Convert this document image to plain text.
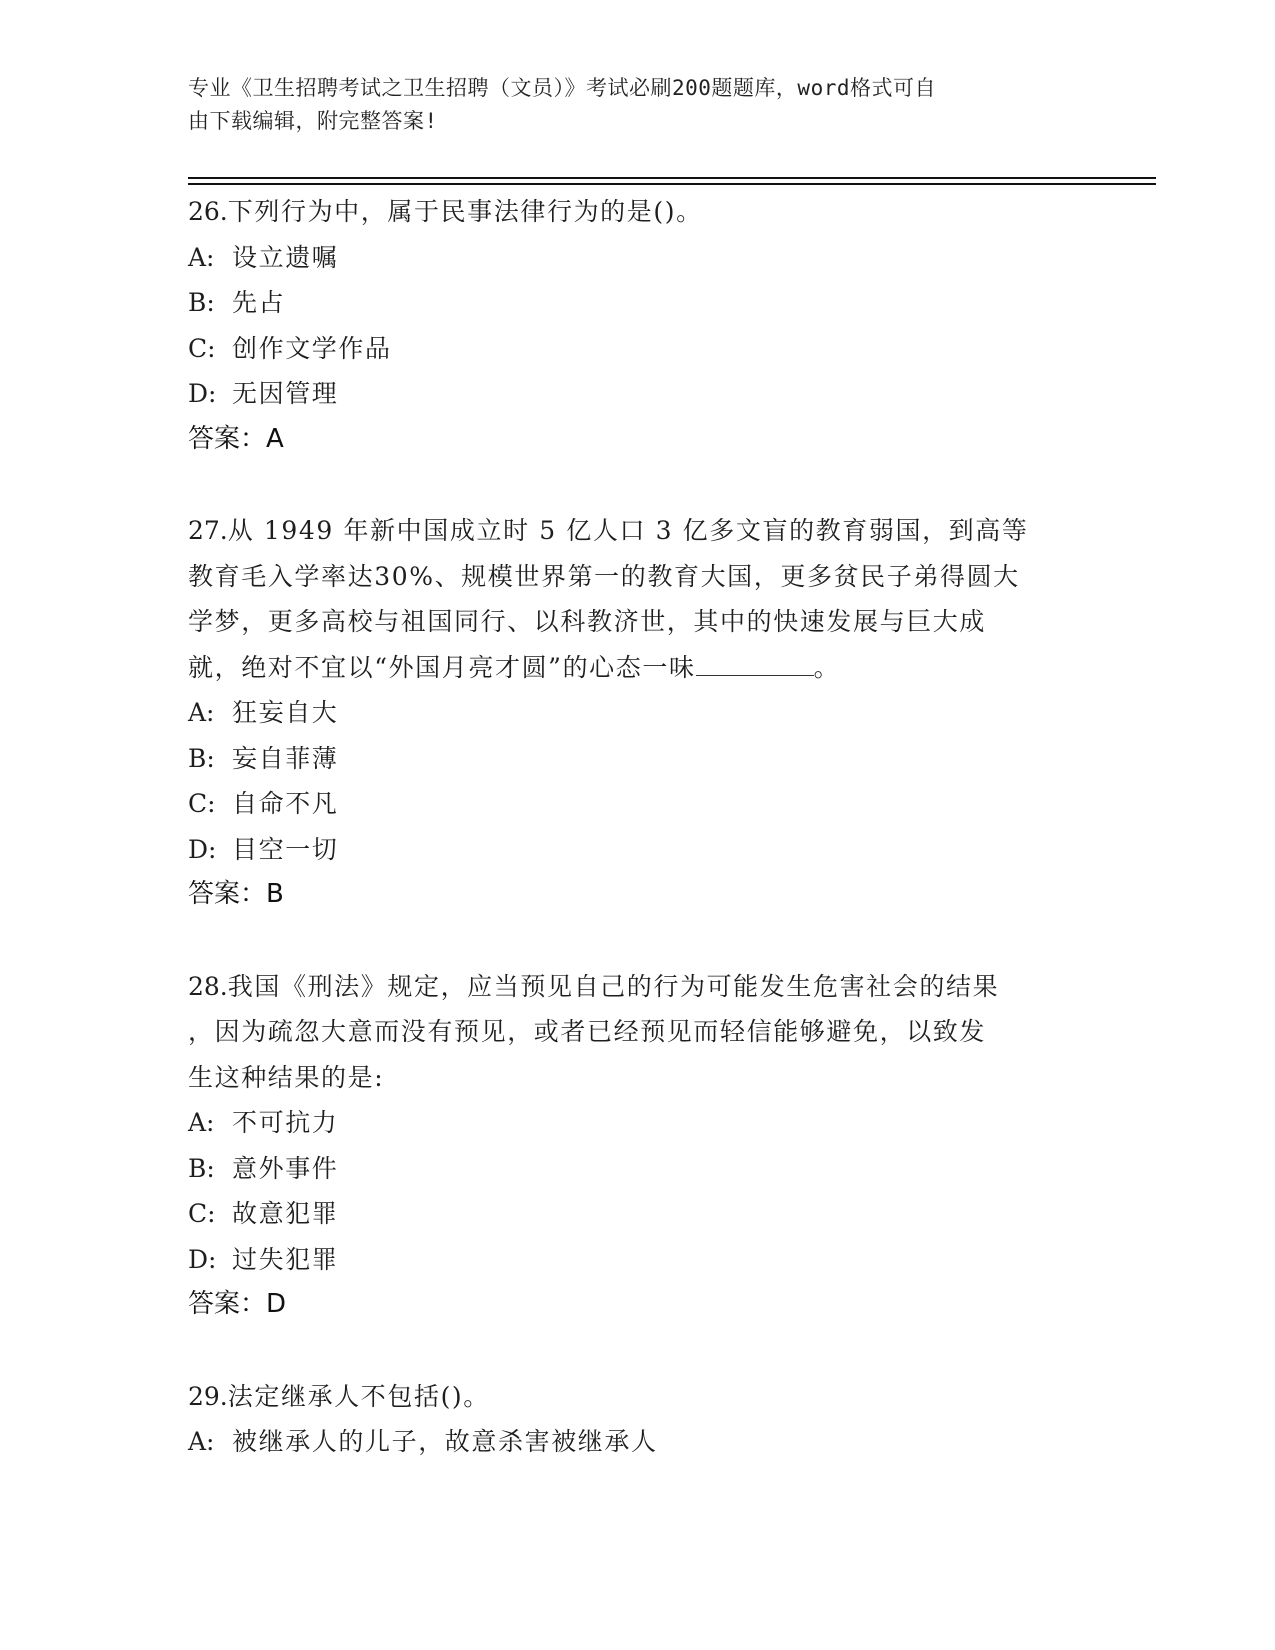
专业《卫生招聘考试之卫生招聘（文员）》考试必刷200题题库，word格式可自
由下载编辑，附完整答案!
26.下列行为中，属于民事法律行为的是()。
A: 设立遗嘱
B: 先占
C: 创作文学作品
D: 无因管理
答案：A
27.从 1949 年新中国成立时 5 亿人口 3 亿多文盲的教育弱国，到高等
教育毛入学率达30%、规模世界第一的教育大国，更多贫民子弟得圆大
学梦，更多高校与祖国同行、以科教济世，其中的快速发展与巨大成
就，绝对不宜以“外国月亮才圆”的心态一味	。
A: 狂妄自大
B: 妄自菲薄
C: 自命不凡
D: 目空一切
答案：B
28.我国《刑法》规定，应当预见自己的行为可能发生危害社会的结果
，因为疏忽大意而没有预见，或者已经预见而轻信能够避免，以致发
生这种结果的是:
A: 不可抗力
B: 意外事件
C: 故意犯罪
D: 过失犯罪
答案：D
29.法定继承人不包括()。
A: 被继承人的儿子，故意杀害被继承人
